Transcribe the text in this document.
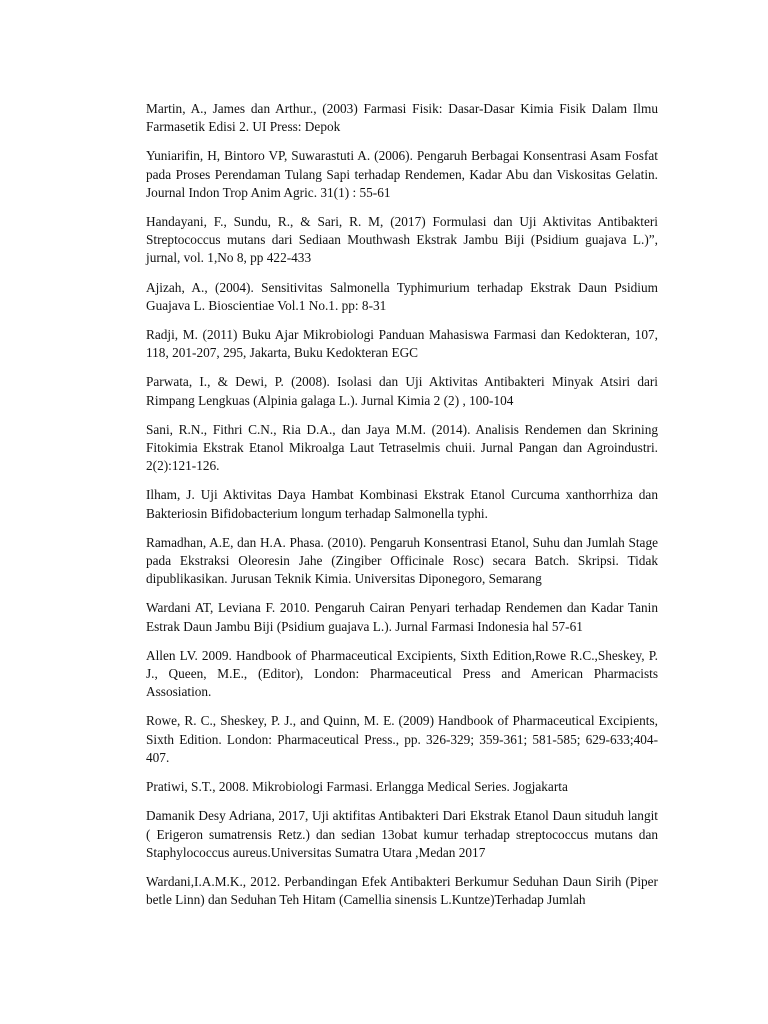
Martin, A., James dan Arthur., (2003) Farmasi Fisik: Dasar-Dasar Kimia Fisik Dalam Ilmu Farmasetik Edisi 2. UI Press: Depok

Yuniarifin, H, Bintoro VP, Suwarastuti A. (2006). Pengaruh Berbagai Konsentrasi Asam Fosfat pada Proses Perendaman Tulang Sapi terhadap Rendemen, Kadar Abu dan Viskositas Gelatin. Journal Indon Trop Anim Agric. 31(1) : 55-61

Handayani, F., Sundu, R., & Sari, R. M, (2017) Formulasi dan Uji Aktivitas Antibakteri Streptococcus mutans dari Sediaan Mouthwash Ekstrak Jambu Biji (Psidium guajava L.)”, jurnal, vol. 1,No 8, pp 422-433

Ajizah, A., (2004). Sensitivitas Salmonella Typhimurium terhadap Ekstrak Daun Psidium Guajava L. Bioscientiae Vol.1 No.1. pp: 8-31

Radji, M. (2011) Buku Ajar Mikrobiologi Panduan Mahasiswa Farmasi dan Kedokteran, 107, 118, 201-207, 295, Jakarta, Buku Kedokteran EGC

Parwata, I., & Dewi, P. (2008). Isolasi dan Uji Aktivitas Antibakteri Minyak Atsiri dari Rimpang Lengkuas (Alpinia galaga L.). Jurnal Kimia 2 (2) , 100-104

Sani, R.N., Fithri C.N., Ria D.A., dan Jaya M.M. (2014). Analisis Rendemen dan Skrining Fitokimia Ekstrak Etanol Mikroalga Laut Tetraselmis chuii. Jurnal Pangan dan Agroindustri. 2(2):121-126.

Ilham, J. Uji Aktivitas Daya Hambat Kombinasi Ekstrak Etanol Curcuma xanthorrhiza dan Bakteriosin Bifidobacterium longum terhadap Salmonella typhi.

Ramadhan, A.E, dan H.A. Phasa. (2010). Pengaruh Konsentrasi Etanol, Suhu dan Jumlah Stage pada Ekstraksi Oleoresin Jahe (Zingiber Officinale Rosc) secara Batch. Skripsi. Tidak dipublikasikan. Jurusan Teknik Kimia. Universitas Diponegoro, Semarang

Wardani AT, Leviana F. 2010. Pengaruh Cairan Penyari terhadap Rendemen dan Kadar Tanin Estrak Daun Jambu Biji (Psidium guajava L.). Jurnal Farmasi Indonesia hal 57-61

Allen LV. 2009. Handbook of Pharmaceutical Excipients, Sixth Edition,Rowe R.C.,Sheskey, P. J., Queen, M.E., (Editor), London: Pharmaceutical Press and American Pharmacists Assosiation.

Rowe, R. C., Sheskey, P. J., and Quinn, M. E. (2009) Handbook of Pharmaceutical Excipients, Sixth Edition. London: Pharmaceutical Press., pp. 326-329; 359-361; 581-585; 629-633;404-407.

Pratiwi, S.T., 2008. Mikrobiologi Farmasi. Erlangga Medical Series. Jogjakarta

Damanik Desy Adriana, 2017, Uji aktifitas Antibakteri Dari Ekstrak Etanol Daun situduh langit ( Erigeron sumatrensis Retz.) dan sedian 13obat kumur terhadap streptococcus mutans dan Staphylococcus aureus.Universitas Sumatra Utara ,Medan 2017

Wardani,I.A.M.K., 2012. Perbandingan Efek Antibakteri Berkumur Seduhan Daun Sirih (Piper betle Linn) dan Seduhan Teh Hitam (Camellia sinensis L.Kuntze)Terhadap Jumlah
